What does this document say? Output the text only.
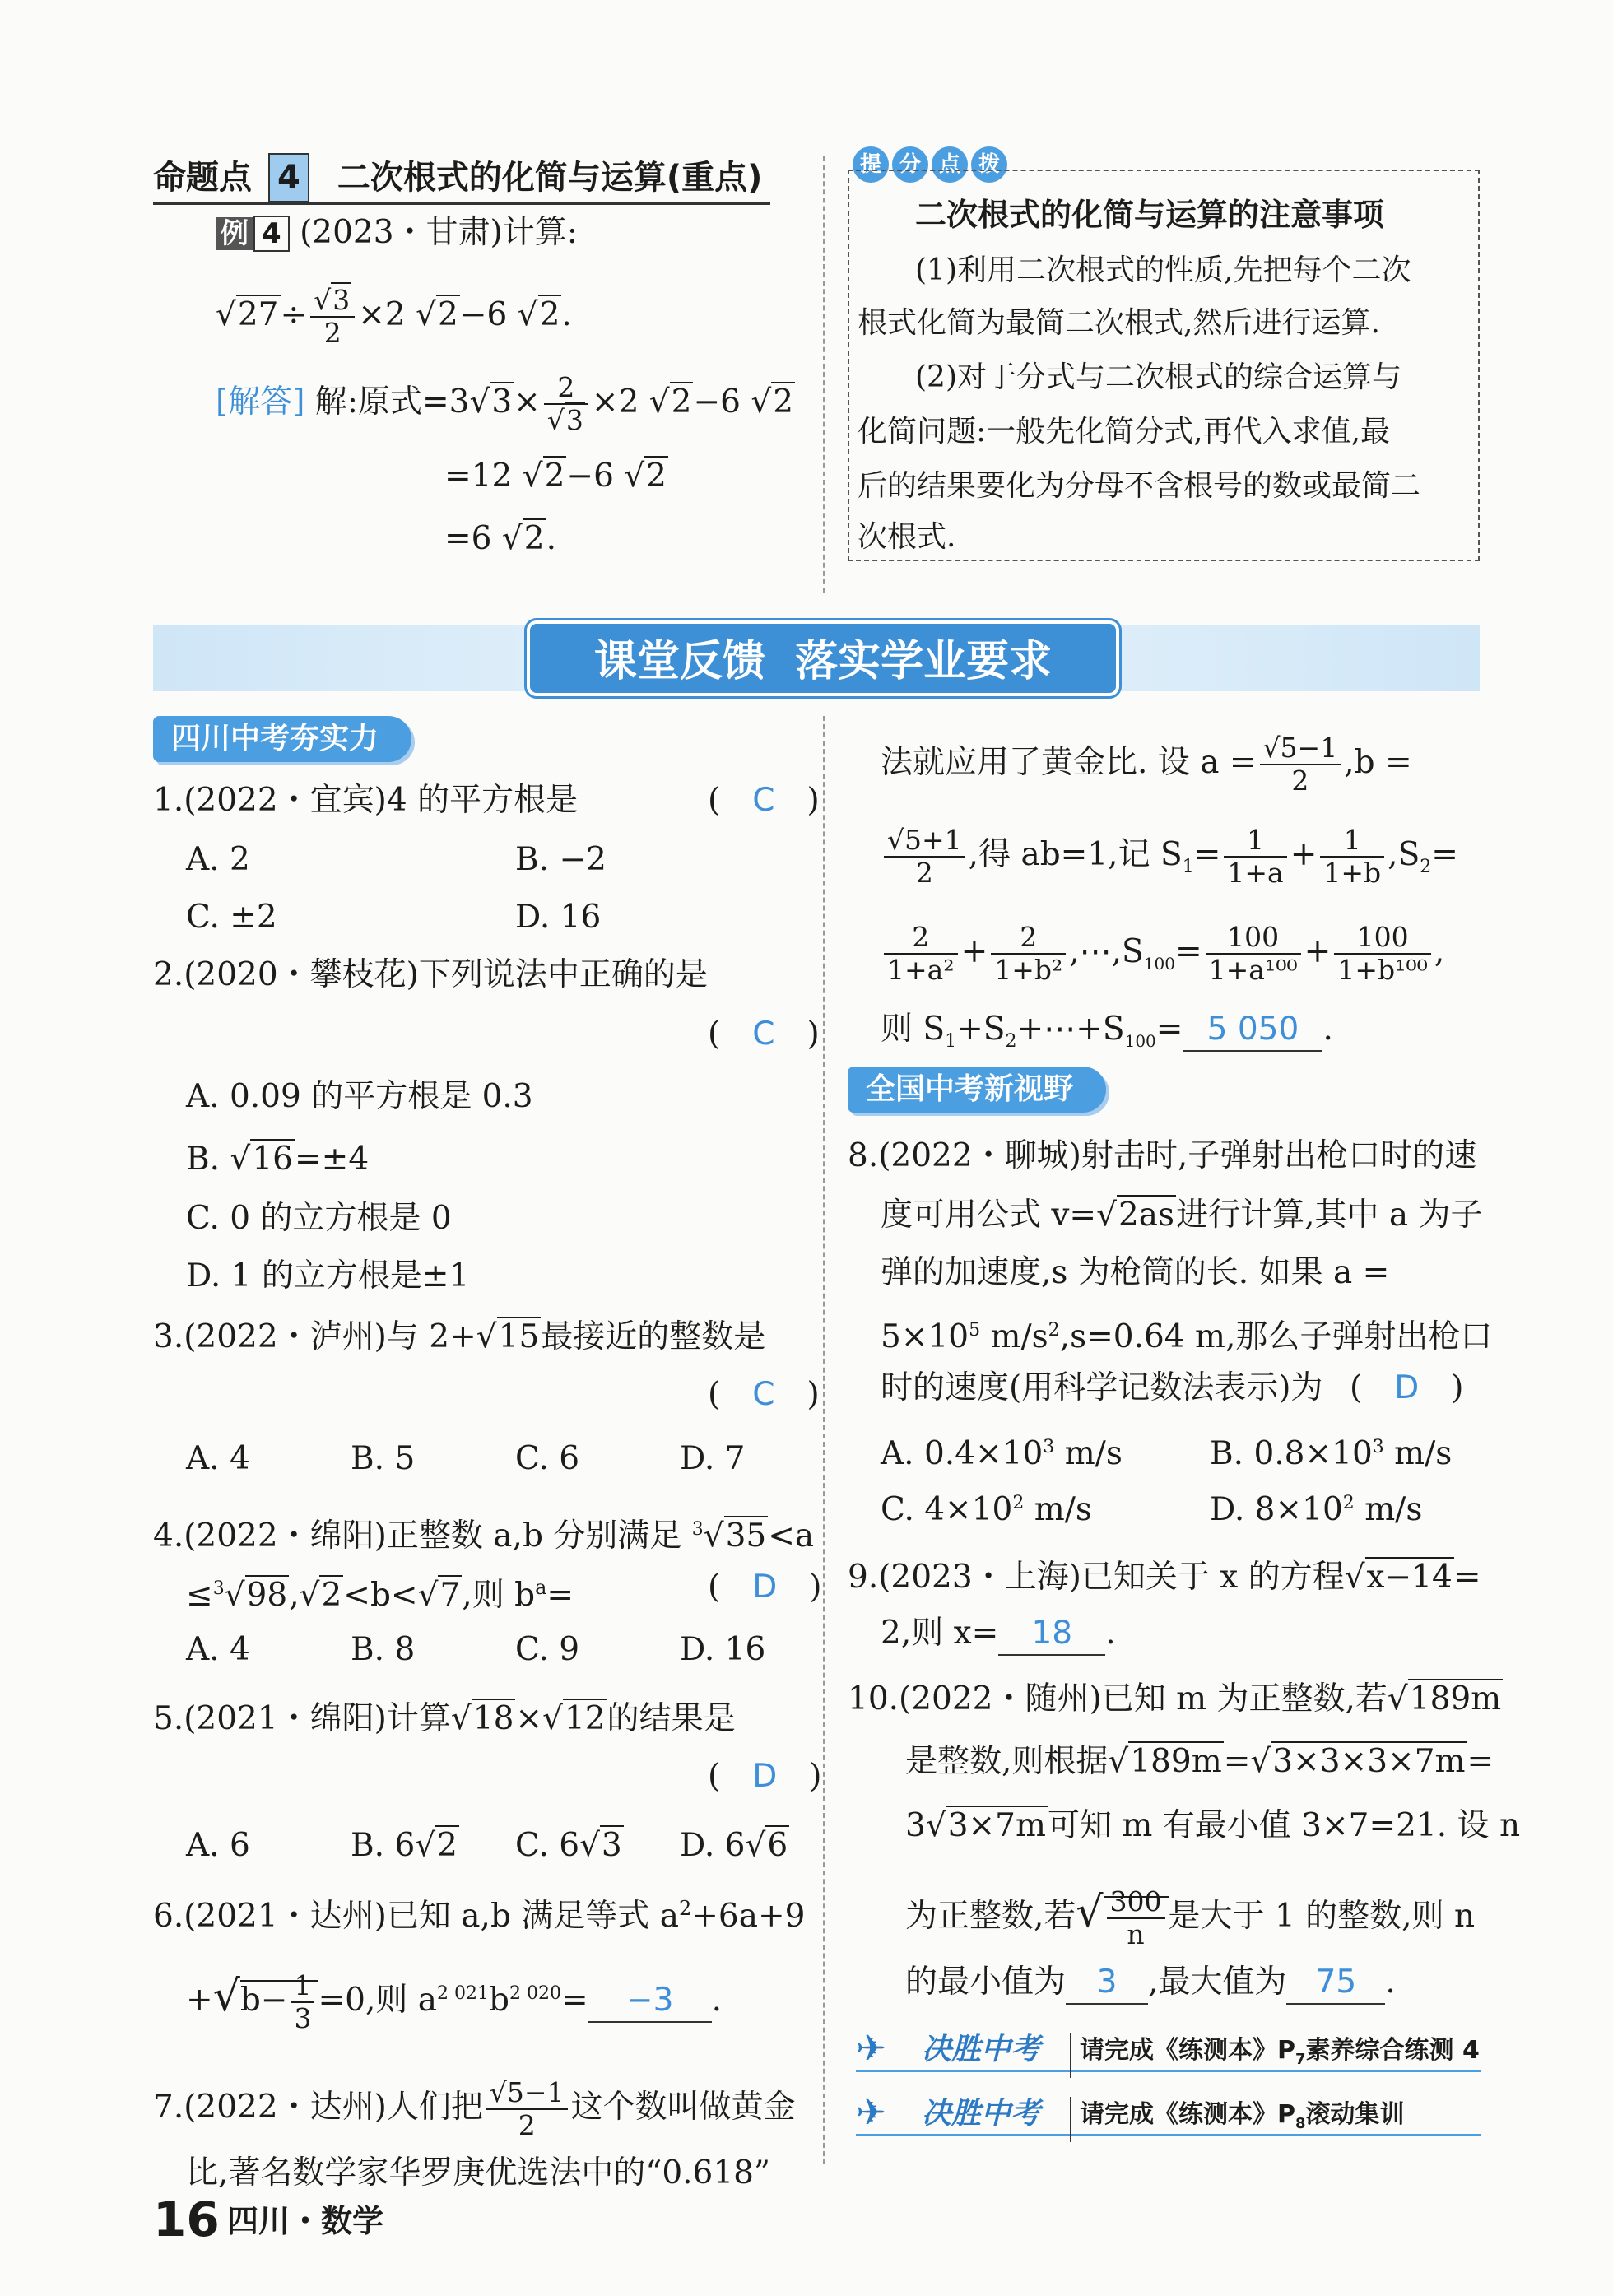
命题点 4 二次根式的化简与运算(重点)
例 4 (2023・甘肃)计算:
√ 27÷ √ $\frac{3}{2} \times 2$ √ 2−6 √ 2.
[解答] 解:原式=3 √ 3× 2
√ 3 ×2 √ 2−6 √ 2
=12 √ 2−6 √ 2
=6 √ 2.
提 分 点 拨
二次根式的化简与运算的注意事项
(1)利用二次根式的性质,先把每个二次
根式化简为最简二次根式,然后进行运算.
(2)对于分式与二次根式的综合运算与
化简问题:一般先化简分式,再代入求值,最
后的结果要化为分母不含根号的数或最简二
次根式.
课堂反馈  落实学业要求
四川中考夯实力
1.(2022・宜宾)4 的平方根是	(　C　)
A. 2	B. −2
C. ±2	D. 16
2.(2020・攀枝花)下列说法中正确的是
(　C　)
A. 0.09 的平方根是 0.3
B. √ 16=±4
C. 0 的立方根是 0
D. 1 的立方根是±1
3.(2022・泸州)与 2+ √ 15最接近的整数是
(　C　)
A. 4	B. 5	C. 6	D. 7
4.(2022・绵阳)正整数 a,b 分别满足 $^3$ √ 35<a
≤$^3$ √ 98, √ 2<b< √ 7,则 $b^a=$	(　D　)
A. 4	B. 8	C. 9	D. 16
5.(2021・绵阳)计算 √ 18× √ 12的结果是
(　D　)
A. 6	B. 6 √ 2 C. 6 √ 3 D. 6 √ 6
6.(2021・达州)已知 a,b 满足等式 $a^2+6a+9$
$+√b- \frac{1}{3} =0$,则 $a^{2 021}b^{2 020}= -3$ .
7.(2022・达州)人们把 $\frac{√5-1}{2}$ 这个数叫做黄金
比,著名数学家华罗庚优选法中的“0.618”
法就应用了黄金比. 设 $a = \frac{√5-1}{2} ,b$ =
$\frac{√5+1}{2}$ ,得 ab=1,记 $S_1= \frac{1}{1+a} + \frac{1}{1+b} ,S_2=$
$\frac{2}{\text{1+a²}} + \frac{2}{\text{1+b²}}$ $,\cdots,S_{100}= \frac{100}{\text{1+a¹⁰⁰}} + \frac{100}{\text{1+b¹⁰⁰}}$ ,
则 $S_1+S_2+\cdots+S_{100}= 5$ 050 .
全国中考新视野
8.(2022・聊城)射击时,子弹射出枪口时的速
度可用公式 v= √ 2as进行计算,其中 a 为子
弹的加速度,s 为枪筒的长. 如果 a =
$5\times 10^5$ $m/s^2,s=0.64$ m,那么子弹射出枪口
时的速度(用科学记数法表示)为 (　D　)
A. $0.4\times 10^3$ m/s	B. $0.8\times 10^3$ m/s
C. $4\times 10^2$ m/s	D. $8\times 10^2$ m/s
9.(2023・上海)已知关于 x 的方程 √ x−14=
2,则 x= 18 .
10.(2022・随州)已知 m 为正整数,若 √ 189m
是整数,则根据 √ 189m= √ 3×3×3×7m=
3 √ 3×7m可知 m 有最小值 3×7=21. 设 n
为正整数,若√ $\frac{300}{n}$ 是大于 1 的整数,则 n
的最小值为 3 ,最大值为 75 .
✈ 决胜中考	请完成《练测本》$P_7$素养综合练测 4
✈ 决胜中考	请完成《练测本》$P_8$滚动集训
16 四川・数学
